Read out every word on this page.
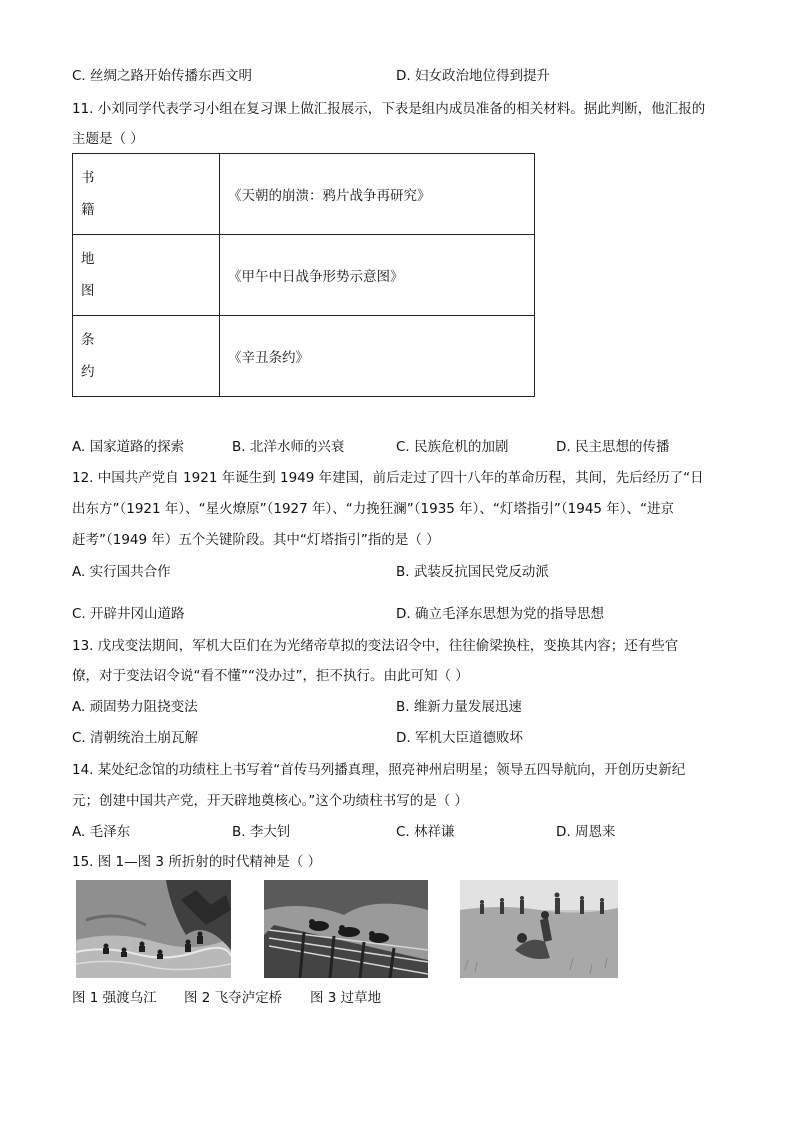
C. 丝绸之路开始传播东西文明	D. 妇女政治地位得到提升
11. 小刘同学代表学习小组在复习课上做汇报展示，下表是组内成员准备的相关材料。据此判断，他汇报的
主题是（ ）
书
籍	《天朝的崩溃：鸦片战争再研究》

地
图	《甲午中日战争形势示意图》

条
约	《辛丑条约》
A. 国家道路的探索	B. 北洋水师的兴衰	C. 民族危机的加剧	D. 民主思想的传播
12. 中国共产党自 1921 年诞生到 1949 年建国，前后走过了四十八年的革命历程，其间，先后经历了“日
出东方”（1921 年）、“星火燎原”（1927 年）、“力挽狂澜”（1935 年）、“灯塔指引”（1945 年）、“进京
赶考”（1949 年）五个关键阶段。其中“灯塔指引”指的是（ ）
A. 实行国共合作	B. 武装反抗国民党反动派
C. 开辟井冈山道路	D. 确立毛泽东思想为党的指导思想
13. 戊戌变法期间，军机大臣们在为光绪帝草拟的变法诏令中，往往偷梁换柱，变换其内容；还有些官
僚，对于变法诏令说“看不懂”“没办过”，拒不执行。由此可知（ ）
A. 顽固势力阻挠变法	B. 维新力量发展迅速
C. 清朝统治土崩瓦解	D. 军机大臣道德败坏
14. 某处纪念馆的功绩柱上书写着“首传马列播真理，照亮神州启明星；领导五四导航向，开创历史新纪
元；创建中国共产党，开天辟地奠核心。”这个功绩柱书写的是（ ）
A. 毛泽东	B. 李大钊	C. 林祥谦	D. 周恩来
15. 图 1—图 3 所折射的时代精神是（ ）
图 1 强渡乌江 图 2 飞夺泸定桥 图 3 过草地
